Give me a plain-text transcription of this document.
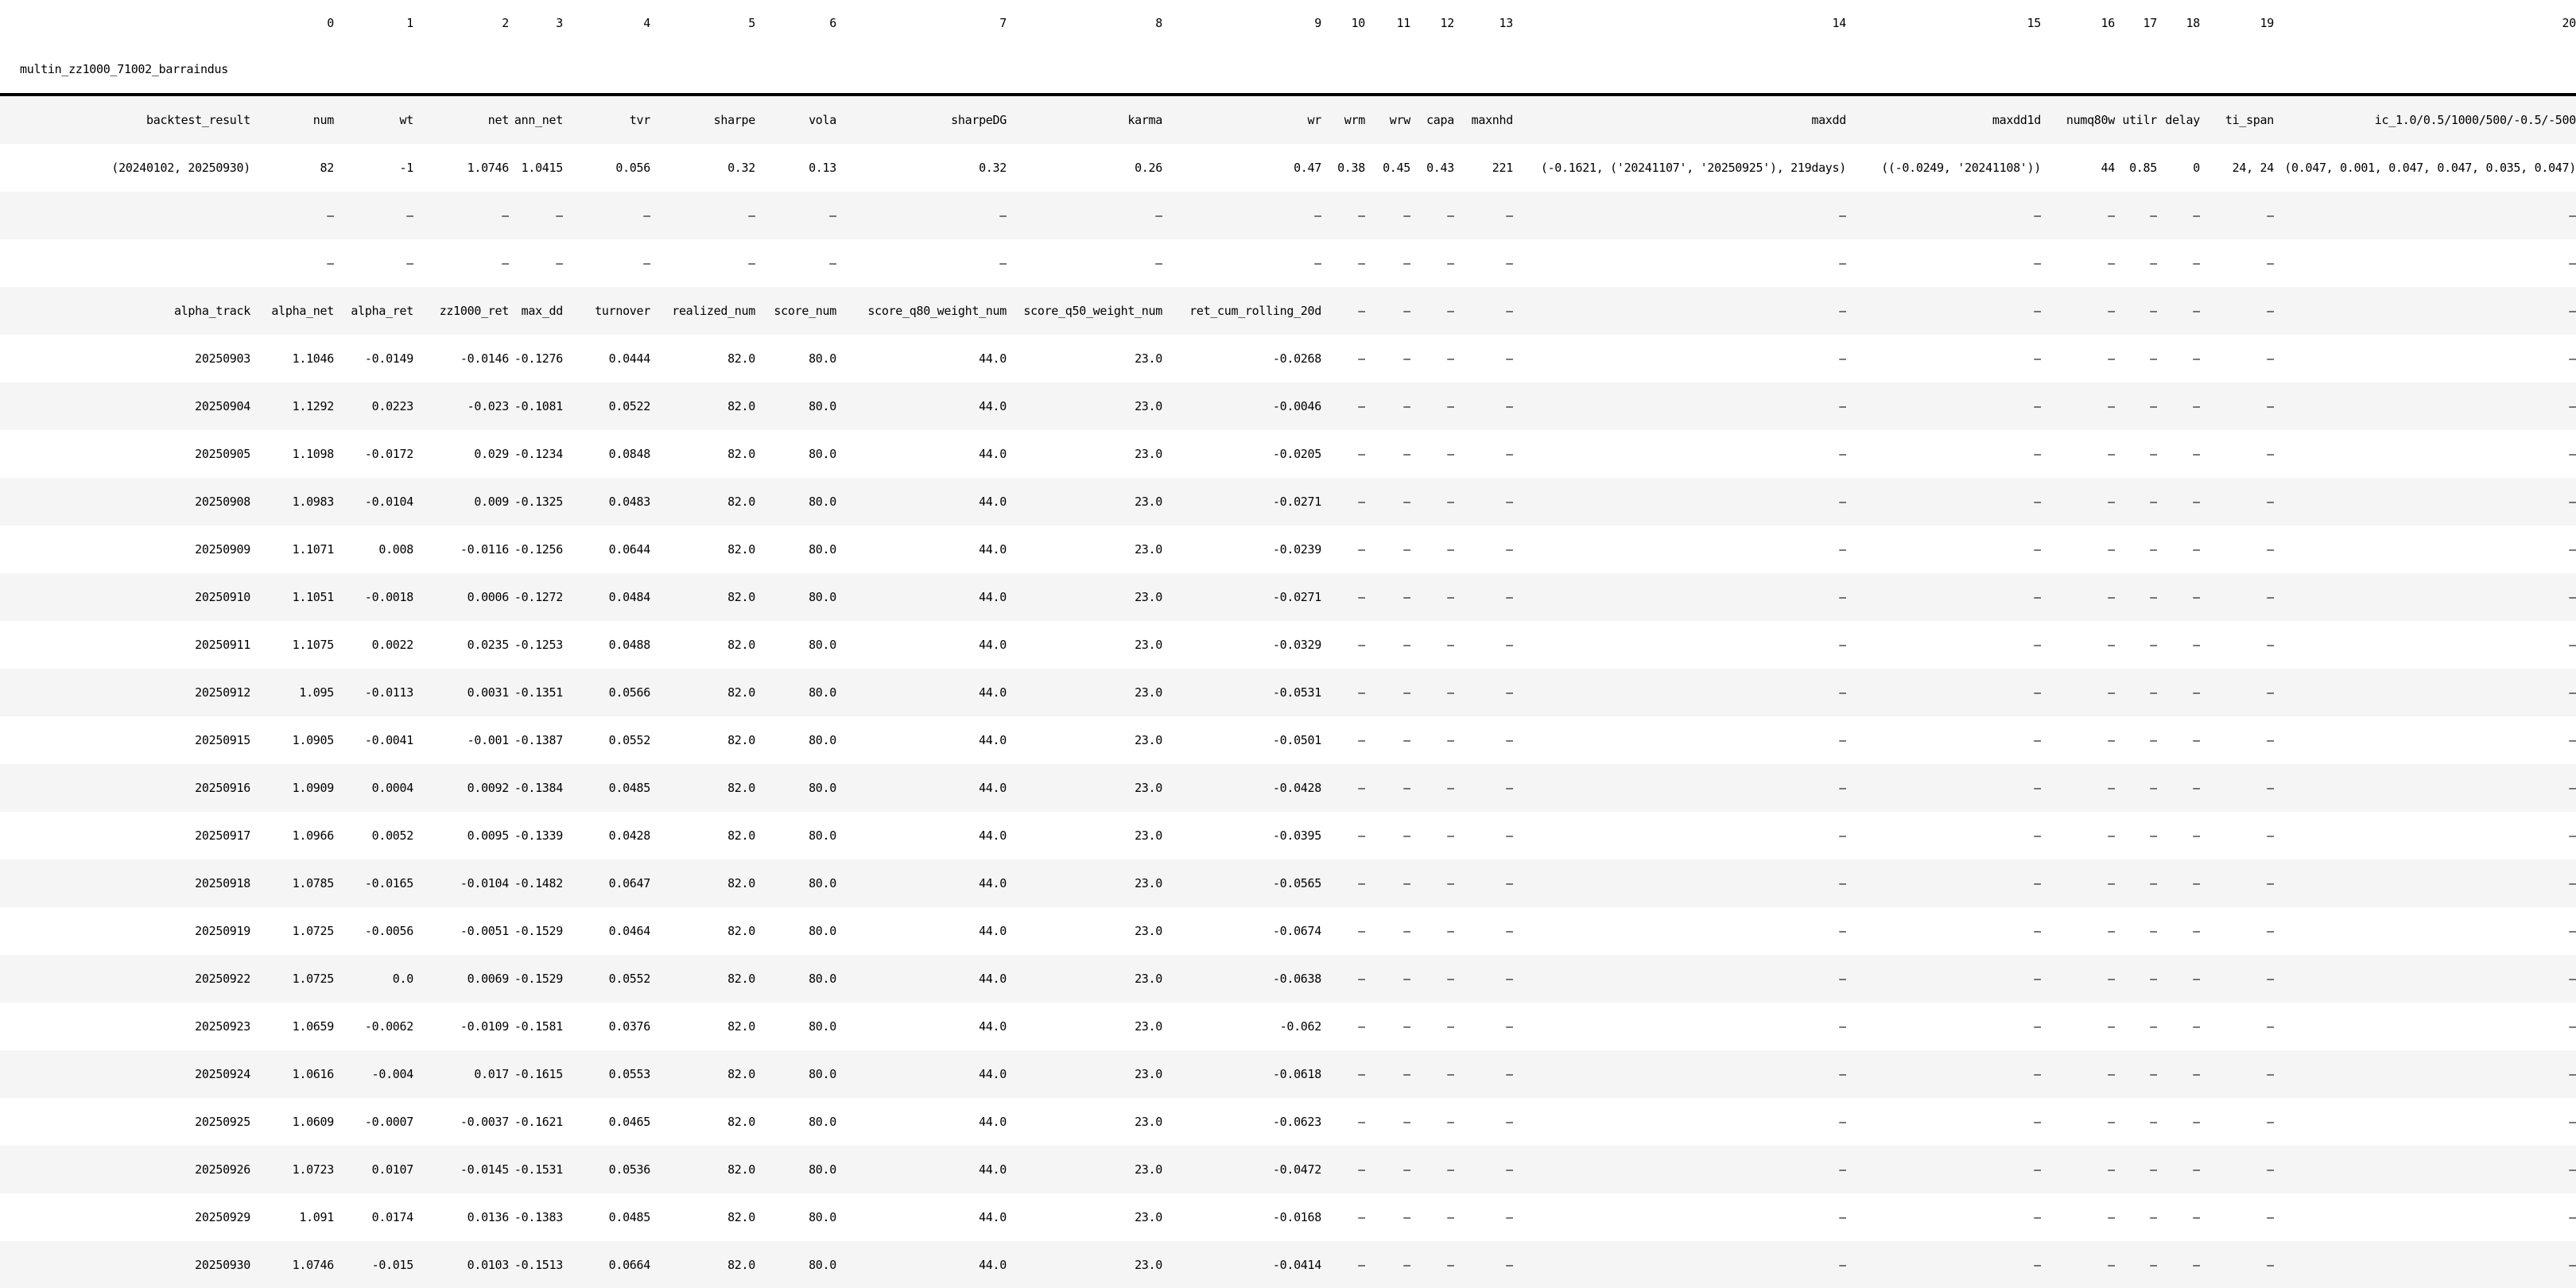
	0	1	2	3	4	5	6	7	8	9	10	11	12	13	14	15	16	17	18	19	20
multin_zz1000_71002_barraindus																					
backtest_result	num	wt	net	ann_net	tvr	sharpe	vola	sharpeDG	karma	wr	wrm	wrw	capa	maxnhd	maxdd	maxdd1d	numq80w	utilr	delay	ti_span	ic_1.0/0.5/1000/500/-0.5/-500
(20240102, 20250930)	82	-1	1.0746	1.0415	0.056	0.32	0.13	0.32	0.26	0.47	0.38	0.45	0.43	221	(-0.1621, ('20241107', '20250925'), 219days)	((-0.0249, '20241108'))	44	0.85	0	24, 24	(0.047, 0.001, 0.047, 0.047, 0.035, 0.047)
	—	—	—	—	—	—	—	—	—	—	—	—	—	—	—	—	—	—	—	—	—
	—	—	—	—	—	—	—	—	—	—	—	—	—	—	—	—	—	—	—	—	—
alpha_track	alpha_net	alpha_ret	zz1000_ret	max_dd	turnover	realized_num	score_num	score_q80_weight_num	score_q50_weight_num	ret_cum_rolling_20d	—	—	—	—	—	—	—	—	—	—	—
20250903	1.1046	-0.0149	-0.0146	-0.1276	0.0444	82.0	80.0	44.0	23.0	-0.0268	—	—	—	—	—	—	—	—	—	—	—
20250904	1.1292	0.0223	-0.023	-0.1081	0.0522	82.0	80.0	44.0	23.0	-0.0046	—	—	—	—	—	—	—	—	—	—	—
20250905	1.1098	-0.0172	0.029	-0.1234	0.0848	82.0	80.0	44.0	23.0	-0.0205	—	—	—	—	—	—	—	—	—	—	—
20250908	1.0983	-0.0104	0.009	-0.1325	0.0483	82.0	80.0	44.0	23.0	-0.0271	—	—	—	—	—	—	—	—	—	—	—
20250909	1.1071	0.008	-0.0116	-0.1256	0.0644	82.0	80.0	44.0	23.0	-0.0239	—	—	—	—	—	—	—	—	—	—	—
20250910	1.1051	-0.0018	0.0006	-0.1272	0.0484	82.0	80.0	44.0	23.0	-0.0271	—	—	—	—	—	—	—	—	—	—	—
20250911	1.1075	0.0022	0.0235	-0.1253	0.0488	82.0	80.0	44.0	23.0	-0.0329	—	—	—	—	—	—	—	—	—	—	—
20250912	1.095	-0.0113	0.0031	-0.1351	0.0566	82.0	80.0	44.0	23.0	-0.0531	—	—	—	—	—	—	—	—	—	—	—
20250915	1.0905	-0.0041	-0.001	-0.1387	0.0552	82.0	80.0	44.0	23.0	-0.0501	—	—	—	—	—	—	—	—	—	—	—
20250916	1.0909	0.0004	0.0092	-0.1384	0.0485	82.0	80.0	44.0	23.0	-0.0428	—	—	—	—	—	—	—	—	—	—	—
20250917	1.0966	0.0052	0.0095	-0.1339	0.0428	82.0	80.0	44.0	23.0	-0.0395	—	—	—	—	—	—	—	—	—	—	—
20250918	1.0785	-0.0165	-0.0104	-0.1482	0.0647	82.0	80.0	44.0	23.0	-0.0565	—	—	—	—	—	—	—	—	—	—	—
20250919	1.0725	-0.0056	-0.0051	-0.1529	0.0464	82.0	80.0	44.0	23.0	-0.0674	—	—	—	—	—	—	—	—	—	—	—
20250922	1.0725	0.0	0.0069	-0.1529	0.0552	82.0	80.0	44.0	23.0	-0.0638	—	—	—	—	—	—	—	—	—	—	—
20250923	1.0659	-0.0062	-0.0109	-0.1581	0.0376	82.0	80.0	44.0	23.0	-0.062	—	—	—	—	—	—	—	—	—	—	—
20250924	1.0616	-0.004	0.017	-0.1615	0.0553	82.0	80.0	44.0	23.0	-0.0618	—	—	—	—	—	—	—	—	—	—	—
20250925	1.0609	-0.0007	-0.0037	-0.1621	0.0465	82.0	80.0	44.0	23.0	-0.0623	—	—	—	—	—	—	—	—	—	—	—
20250926	1.0723	0.0107	-0.0145	-0.1531	0.0536	82.0	80.0	44.0	23.0	-0.0472	—	—	—	—	—	—	—	—	—	—	—
20250929	1.091	0.0174	0.0136	-0.1383	0.0485	82.0	80.0	44.0	23.0	-0.0168	—	—	—	—	—	—	—	—	—	—	—
20250930	1.0746	-0.015	0.0103	-0.1513	0.0664	82.0	80.0	44.0	23.0	-0.0414	—	—	—	—	—	—	—	—	—	—	—
